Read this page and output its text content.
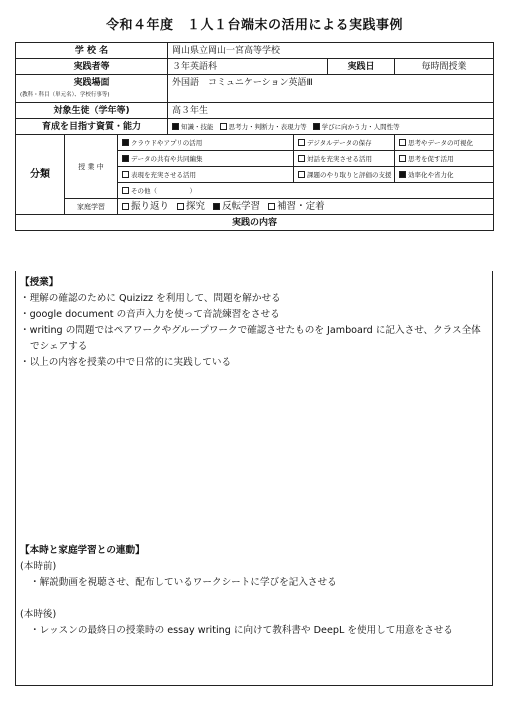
令和４年度　１人１台端末の活用による実践事例
学 校 名			岡山県立岡山一宮高等学校			
実践者等			３年英語科		実践日	毎時間授業

実践場面
(教科・科目（単元名）、学校行事等)			外国語　コミュニケーション英語Ⅲ			
対象生徒（学年等)			高３年生			
育成を目指す資質・能力			知識・技能 思考力・判断力・表現力等 学びに向かう力・人間性等			
分類	授 業 中	クラウドやアプリの活用		デジタルデータの保存		思考やデータの可視化
		データの共有や共同編集		対話を充実させる活用		思考を促す活用
		表現を充実させる活用		課題のやり取りと評価の支援		効率化や省力化
		その他（　　　　　）				
	家庭学習	振り返り 探究 反転学習 補習・定着				
実践の内容						
【授業】
・理解の確認のために Quizizz を利用して、問題を解かせる
・google document の音声入力を使って音読練習をさせる
・writing の問題ではペアワークやグループワークで確認させたものを Jamboard に記入させ、クラス全体でシェアする
・以上の内容を授業の中で日常的に実践している
【本時と家庭学習との連動】
(本時前)
・解説動画を視聴させ、配布しているワークシートに学びを記入させる
(本時後)
・レッスンの最終日の授業時の essay writing に向けて教科書や DeepL を使用して用意をさせる
